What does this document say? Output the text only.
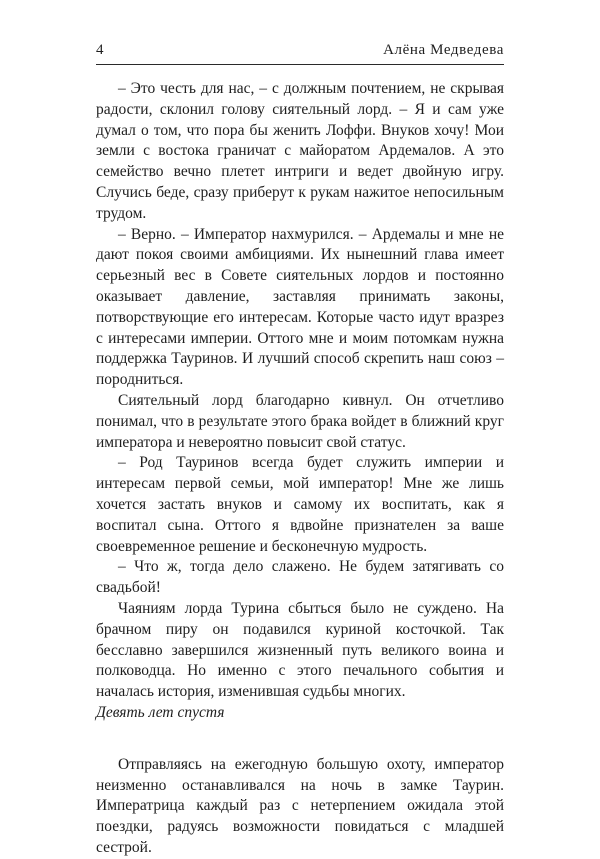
4	Алёна Медведева

– Это честь для нас, – с должным почтением, не скрывая радости, склонил голову сиятельный лорд. – Я и сам уже думал о том, что пора бы женить Лоффи. Внуков хочу! Мои земли с востока граничат с майоратом Ардемалов. А это семейство вечно плетет интриги и ведет двойную игру. Случись беде, сразу приберут к рукам нажитое непосильным трудом.

– Верно. – Император нахмурился. – Ардемалы и мне не дают покоя своими амбициями. Их нынешний глава имеет серьезный вес в Совете сиятельных лордов и постоянно оказывает давление, заставляя принимать законы, потворствующие его интересам. Которые часто идут вразрез с интересами империи. Оттого мне и моим потомкам нужна поддержка Тауринов. И лучший способ скрепить наш союз – породниться.

Сиятельный лорд благодарно кивнул. Он отчетливо понимал, что в результате этого брака войдет в ближний круг императора и невероятно повысит свой статус.

– Род Тауринов всегда будет служить империи и интересам первой семьи, мой император! Мне же лишь хочется застать внуков и самому их воспитать, как я воспитал сына. Оттого я вдвойне признателен за ваше своевременное решение и бесконечную мудрость.

– Что ж, тогда дело слажено. Не будем затягивать со свадьбой!

Чаяниям лорда Турина сбыться было не суждено. На брачном пиру он подавился куриной косточкой. Так бесславно завершился жизненный путь великого воина и полководца. Но именно с этого печального события и началась история, изменившая судьбы многих.

Девять лет спустя

Отправляясь на ежегодную большую охоту, император неизменно останавливался на ночь в замке Таурин. Императрица каждый раз с нетерпением ожидала этой поездки, радуясь возможности повидаться с младшей сестрой.
